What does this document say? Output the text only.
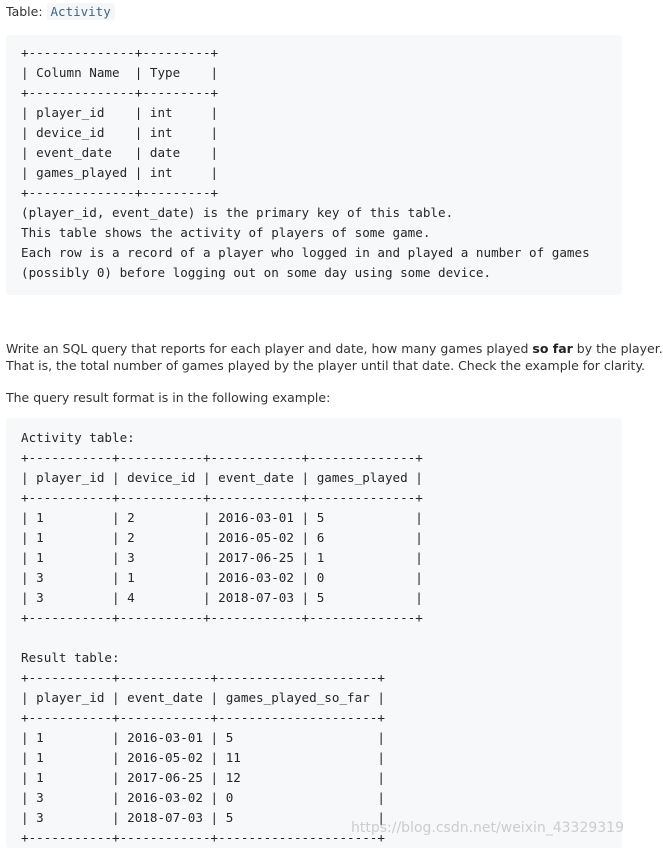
Table: Activity
+--------------+---------+
| Column Name  | Type    |
+--------------+---------+
| player_id    | int     |
| device_id    | int     |
| event_date   | date    |
| games_played | int     |
+--------------+---------+
(player_id, event_date) is the primary key of this table.
This table shows the activity of players of some game.
Each row is a record of a player who logged in and played a number of games
(possibly 0) before logging out on some day using some device.
Write an SQL query that reports for each player and date, how many games played so far by the player.
That is, the total number of games played by the player until that date. Check the example for clarity.
The query result format is in the following example:
Activity table:
+-----------+-----------+------------+--------------+
| player_id | device_id | event_date | games_played |
+-----------+-----------+------------+--------------+
| 1         | 2         | 2016-03-01 | 5            |
| 1         | 2         | 2016-05-02 | 6            |
| 1         | 3         | 2017-06-25 | 1            |
| 3         | 1         | 2016-03-02 | 0            |
| 3         | 4         | 2018-07-03 | 5            |
+-----------+-----------+------------+--------------+

Result table:
+-----------+------------+---------------------+
| player_id | event_date | games_played_so_far |
+-----------+------------+---------------------+
| 1         | 2016-03-01 | 5                   |
| 1         | 2016-05-02 | 11                  |
| 1         | 2017-06-25 | 12                  |
| 3         | 2016-03-02 | 0                   |
| 3         | 2018-07-03 | 5                   |
+-----------+------------+---------------------+
https://blog.csdn.net/weixin_43329319
